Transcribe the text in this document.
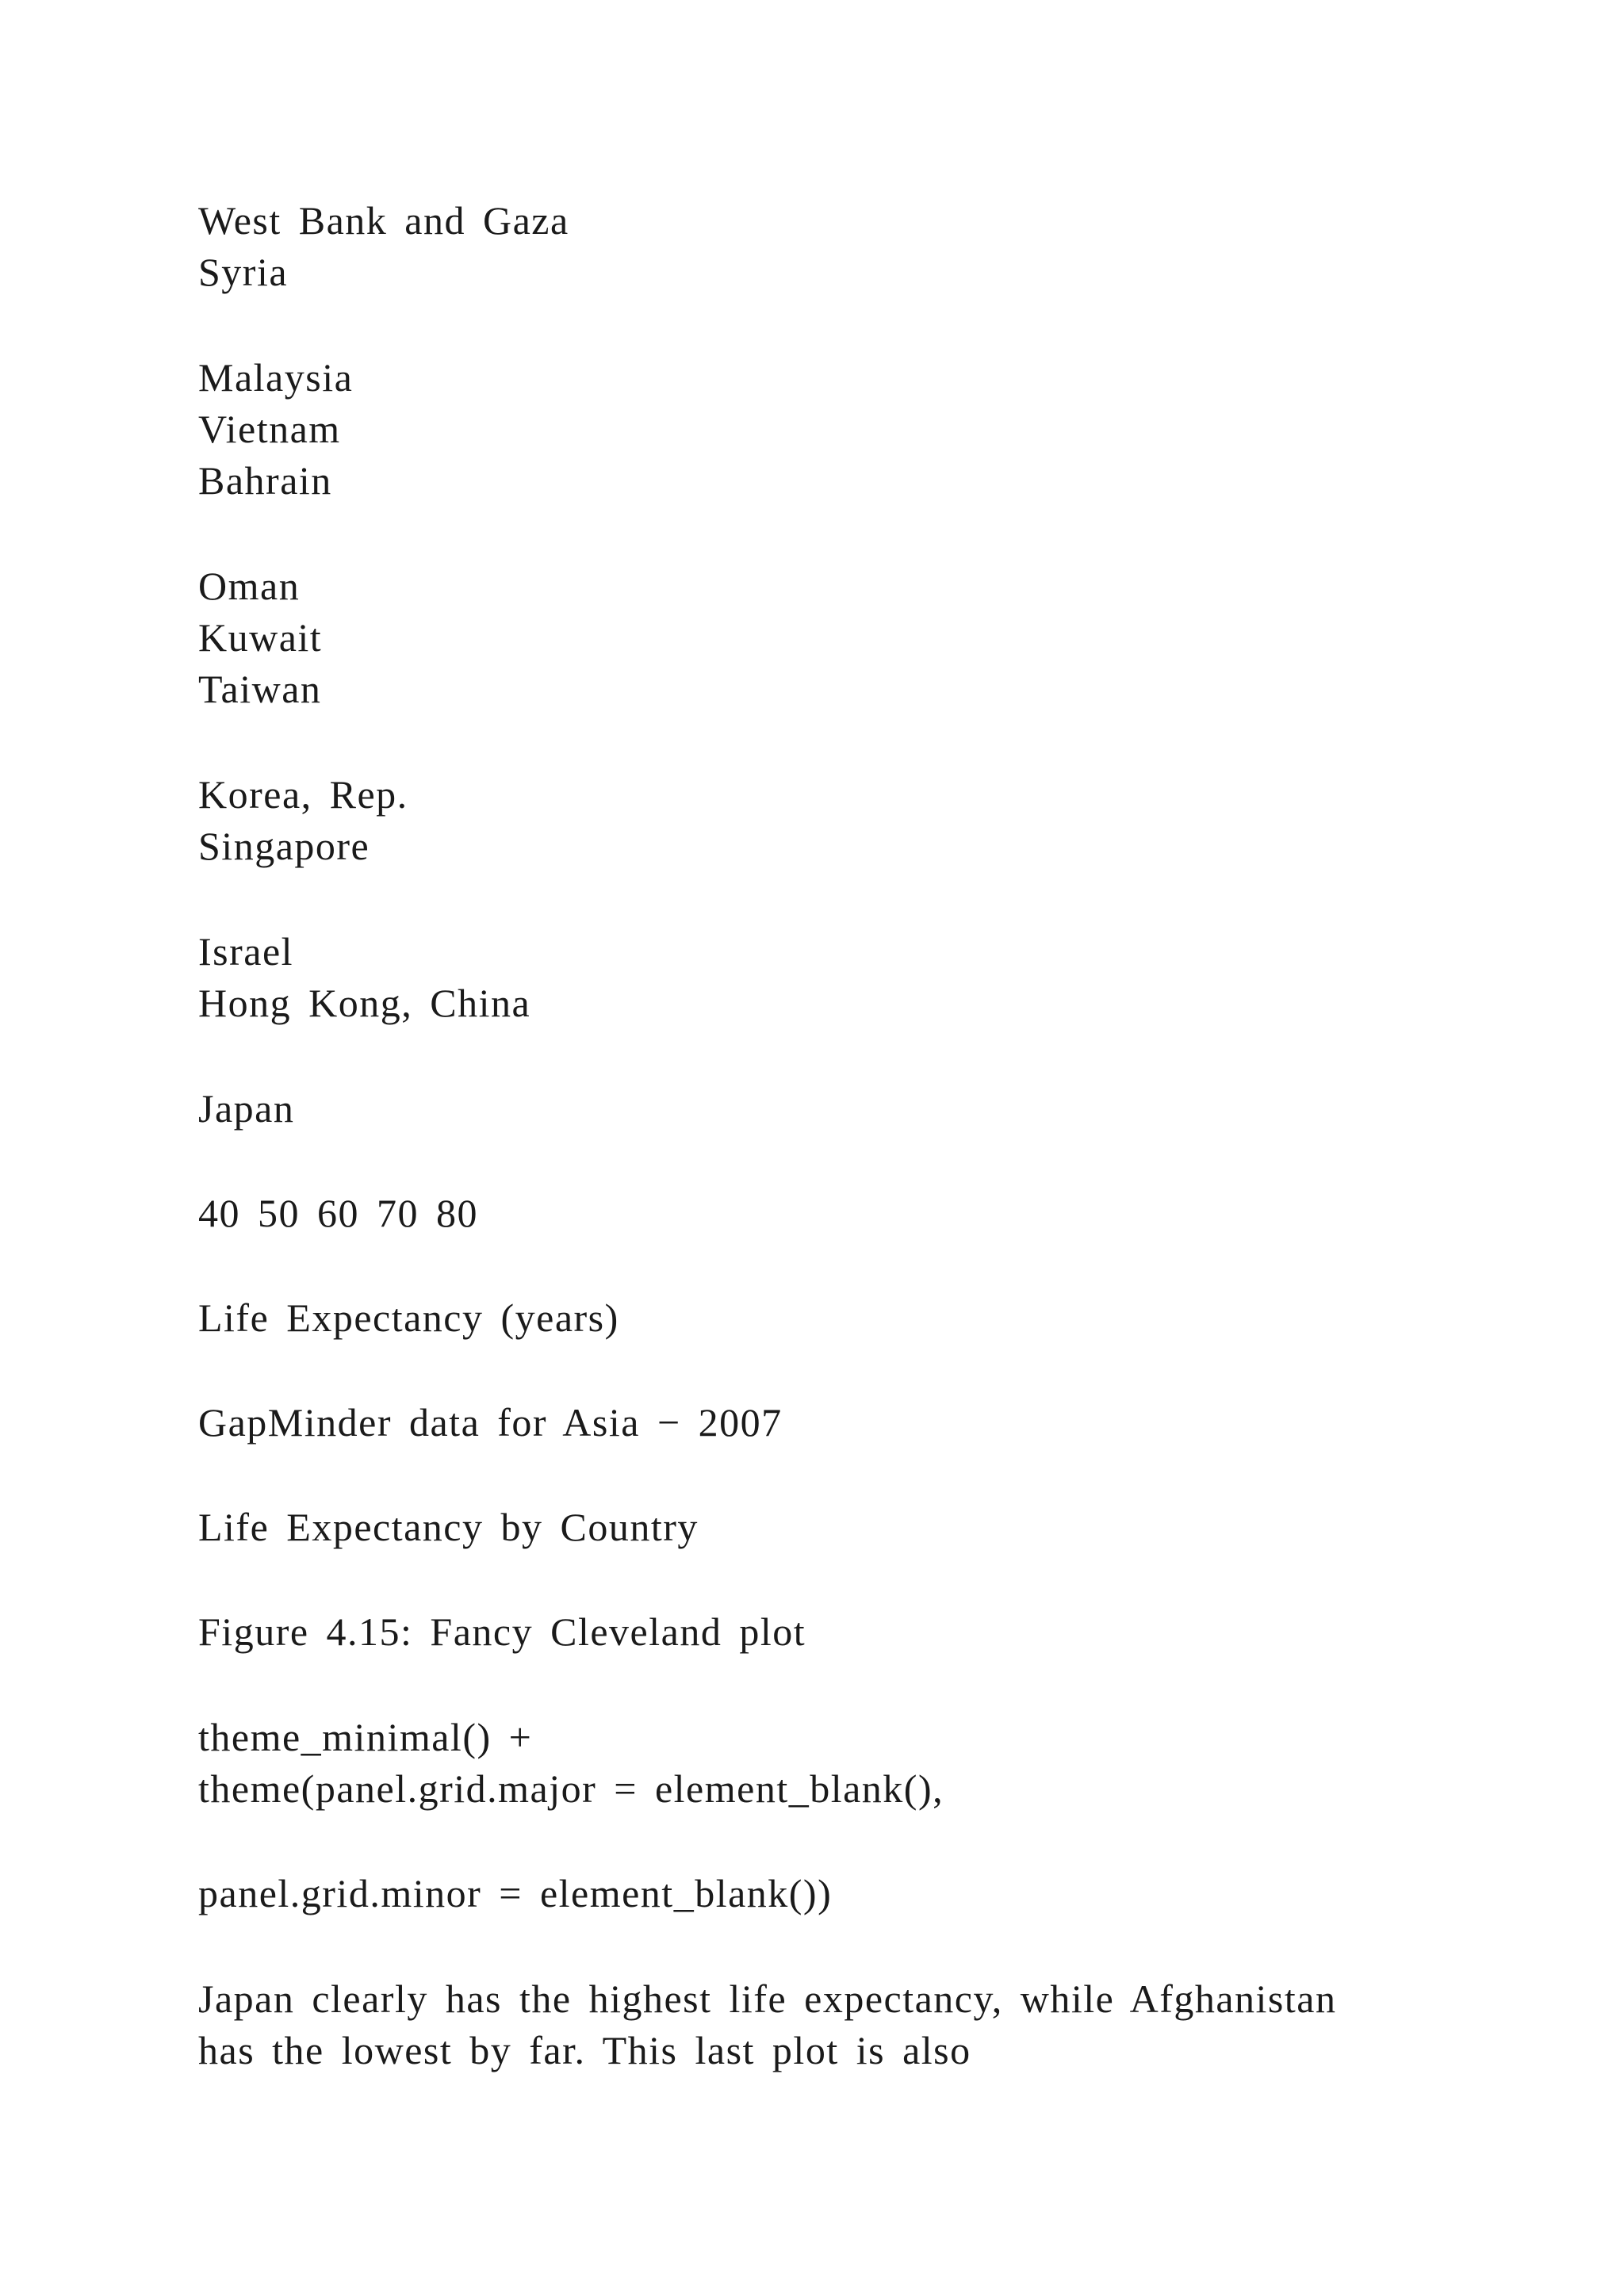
West Bank and Gaza
Syria
Malaysia
Vietnam
Bahrain
Oman
Kuwait
Taiwan
Korea, Rep.
Singapore
Israel
Hong Kong, China
Japan
40 50 60 70 80
Life Expectancy (years)
GapMinder data for Asia − 2007
Life Expectancy by Country
Figure 4.15: Fancy Cleveland plot
theme_minimal() +
theme(panel.grid.major = element_blank(),
panel.grid.minor = element_blank())
Japan clearly has the highest life expectancy, while Afghanistan
has the lowest by far. This last plot is also
